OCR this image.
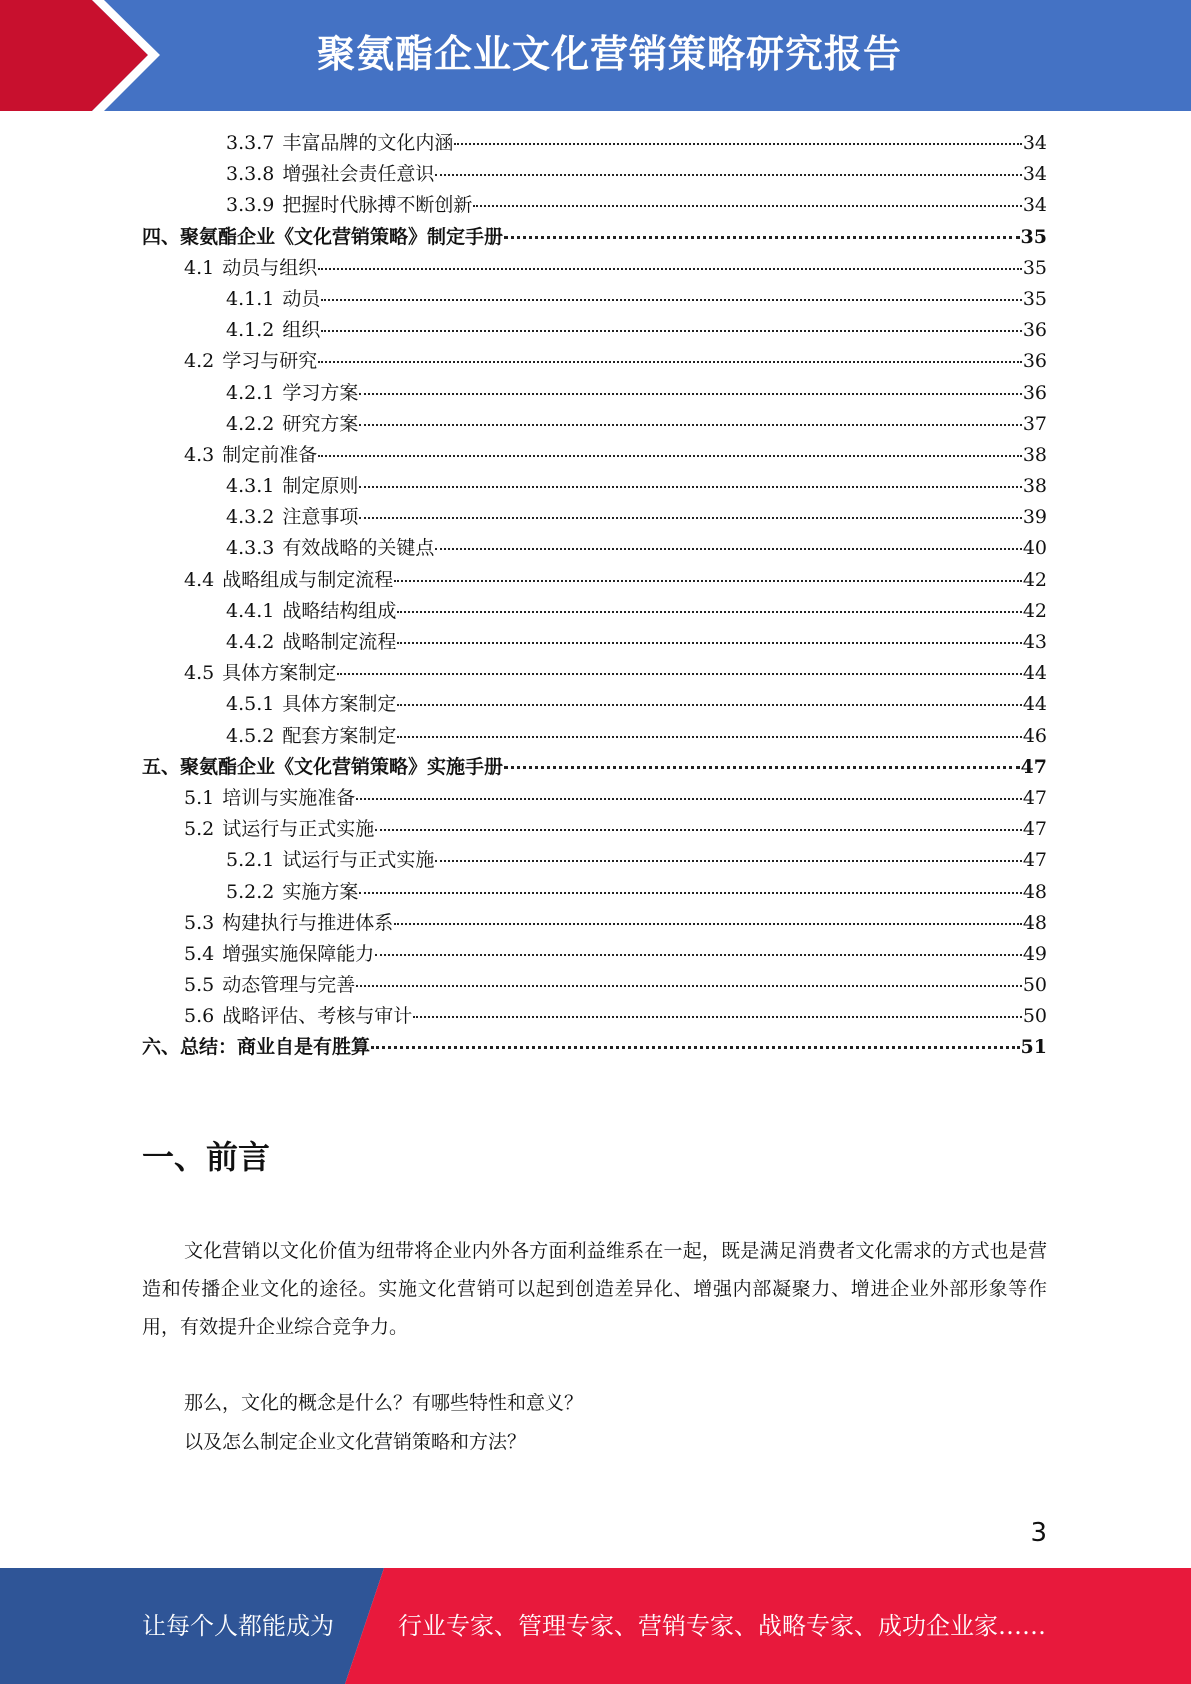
聚氨酯企业文化营销策略研究报告
3.3.7 丰富品牌的文化内涵	34
3.3.8 增强社会责任意识	34
3.3.9 把握时代脉搏不断创新	34
四、聚氨酯企业《文化营销策略》制定手册	35
4.1 动员与组织	35
4.1.1 动员	35
4.1.2 组织	36
4.2 学习与研究	36
4.2.1 学习方案	36
4.2.2 研究方案	37
4.3 制定前准备	38
4.3.1 制定原则	38
4.3.2 注意事项	39
4.3.3 有效战略的关键点	40
4.4 战略组成与制定流程	42
4.4.1 战略结构组成	42
4.4.2 战略制定流程	43
4.5 具体方案制定	44
4.5.1 具体方案制定	44
4.5.2 配套方案制定	46
五、聚氨酯企业《文化营销策略》实施手册	47
5.1 培训与实施准备	47
5.2 试运行与正式实施	47
5.2.1 试运行与正式实施	47
5.2.2 实施方案	48
5.3 构建执行与推进体系	48
5.4 增强实施保障能力	49
5.5 动态管理与完善	50
5.6 战略评估、考核与审计	50
六、总结：商业自是有胜算	51
一、前言

文化营销以文化价值为纽带将企业内外各方面利益维系在一起，既是满足消费者文化需求的方式也是营造和传播企业文化的途径。实施文化营销可以起到创造差异化、增强内部凝聚力、增进企业外部形象等作用，有效提升企业综合竞争力。

那么，文化的概念是什么？有哪些特性和意义？

以及怎么制定企业文化营销策略和方法？

3
让每个人都能成为	行业专家、管理专家、营销专家、战略专家、成功企业家……
